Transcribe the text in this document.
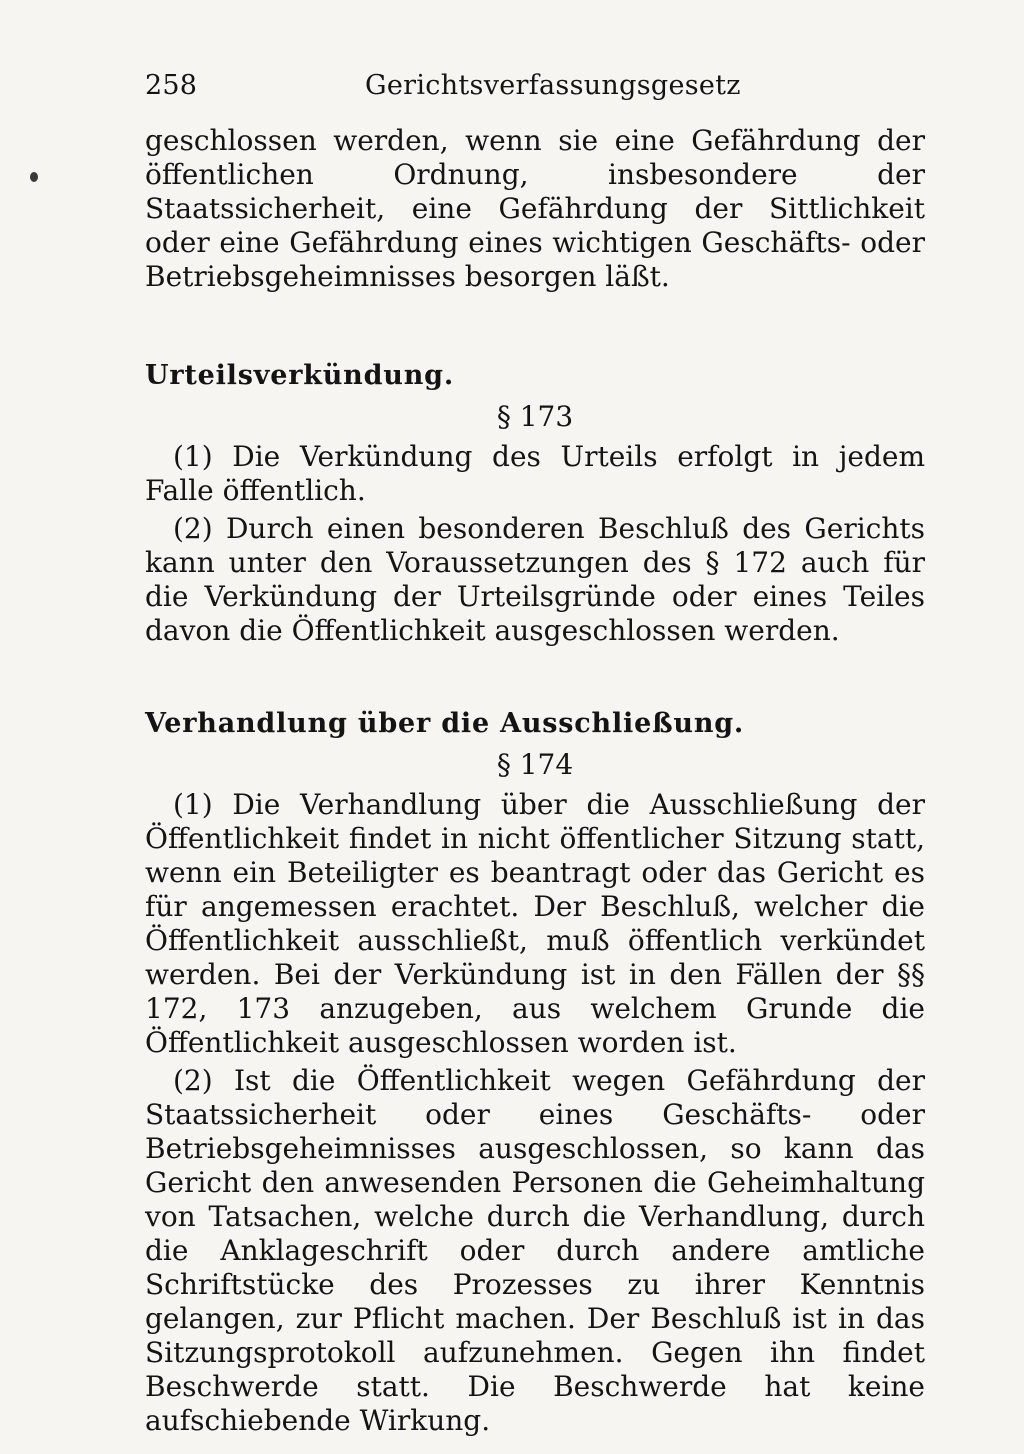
258	Gerichtsverfassungsgesetz

geschlossen werden, wenn sie eine Gefährdung der öffentlichen Ordnung, insbesondere der Staatssicherheit, eine Gefährdung der Sittlichkeit oder eine Gefährdung eines wichtigen Geschäfts- oder Betriebsgeheimnisses besorgen läßt.

Urteilsverkündung.

§ 173

(1) Die Verkündung des Urteils erfolgt in jedem Falle öffentlich.

(2) Durch einen besonderen Beschluß des Gerichts kann unter den Voraussetzungen des § 172 auch für die Verkündung der Urteilsgründe oder eines Teiles davon die Öffentlichkeit ausgeschlossen werden.

Verhandlung über die Ausschließung.

§ 174

(1) Die Verhandlung über die Ausschließung der Öffentlichkeit findet in nicht öffentlicher Sitzung statt, wenn ein Beteiligter es beantragt oder das Gericht es für angemessen erachtet. Der Beschluß, welcher die Öffentlichkeit ausschließt, muß öffentlich verkündet werden. Bei der Verkündung ist in den Fällen der §§ 172, 173 anzugeben, aus welchem Grunde die Öffentlichkeit ausgeschlossen worden ist.

(2) Ist die Öffentlichkeit wegen Gefährdung der Staatssicherheit oder eines Geschäfts- oder Betriebsgeheimnisses ausgeschlossen, so kann das Gericht den anwesenden Personen die Geheimhaltung von Tatsachen, welche durch die Verhandlung, durch die Anklageschrift oder durch andere amtliche Schriftstücke des Prozesses zu ihrer Kenntnis gelangen, zur Pflicht machen. Der Beschluß ist in das Sitzungsprotokoll aufzunehmen. Gegen ihn findet Beschwerde statt. Die Beschwerde hat keine aufschiebende Wirkung.
